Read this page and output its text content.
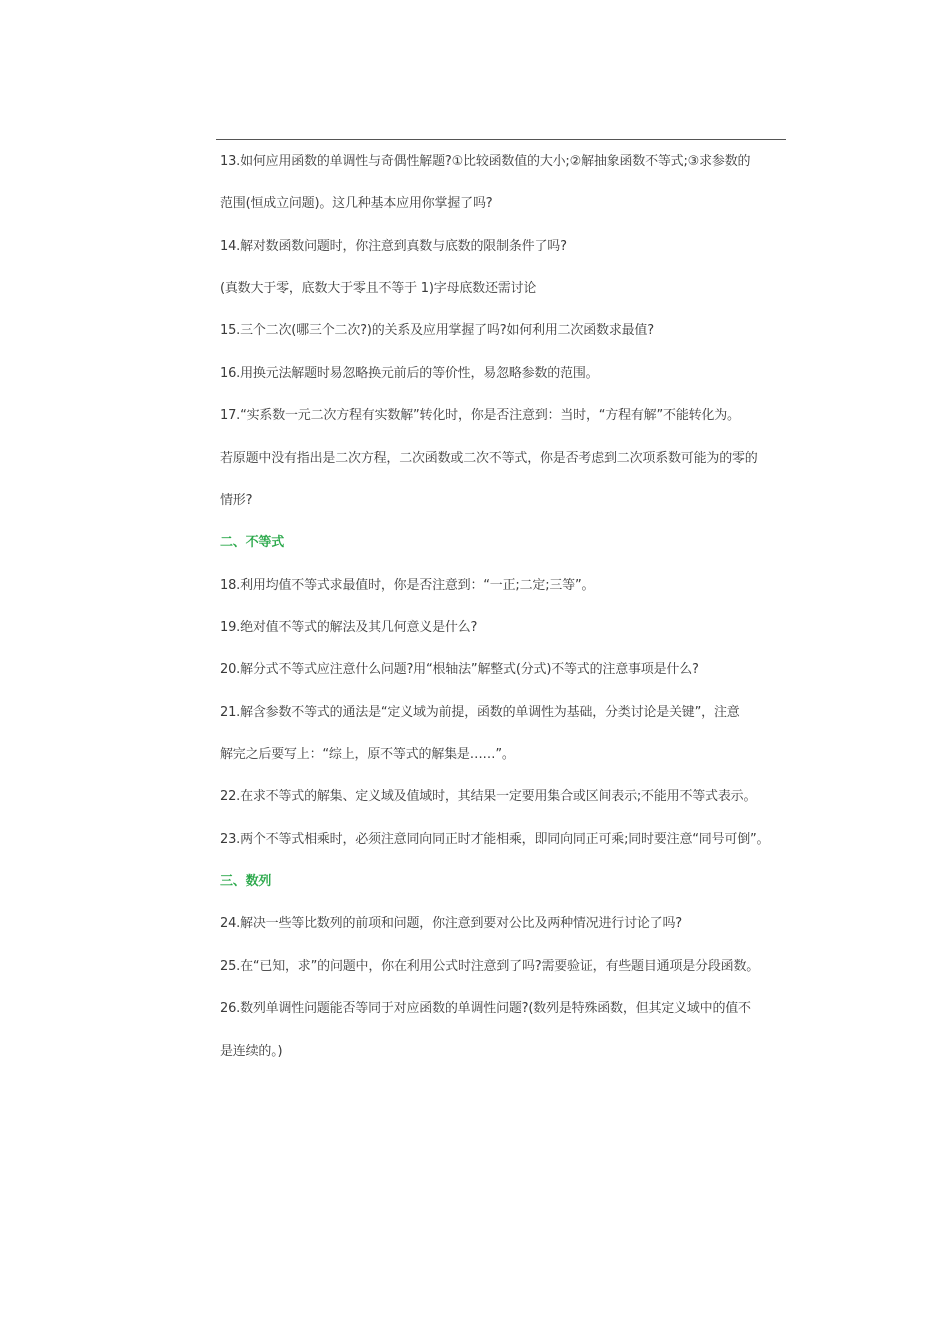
13.如何应用函数的单调性与奇偶性解题?①比较函数值的大小;②解抽象函数不等式;③求参数的
范围(恒成立问题)。这几种基本应用你掌握了吗?
14.解对数函数问题时，你注意到真数与底数的限制条件了吗?
(真数大于零，底数大于零且不等于 1)字母底数还需讨论
15.三个二次(哪三个二次?)的关系及应用掌握了吗?如何利用二次函数求最值?
16.用换元法解题时易忽略换元前后的等价性，易忽略参数的范围。
17.“实系数一元二次方程有实数解”转化时，你是否注意到：当时，“方程有解”不能转化为。
若原题中没有指出是二次方程，二次函数或二次不等式，你是否考虑到二次项系数可能为的零的
情形?
二、不等式
18.利用均值不等式求最值时，你是否注意到：“一正;二定;三等”。
19.绝对值不等式的解法及其几何意义是什么?
20.解分式不等式应注意什么问题?用“根轴法”解整式(分式)不等式的注意事项是什么?
21.解含参数不等式的通法是“定义域为前提，函数的单调性为基础，分类讨论是关键”，注意
解完之后要写上：“综上，原不等式的解集是……”。
22.在求不等式的解集、定义域及值域时，其结果一定要用集合或区间表示;不能用不等式表示。
23.两个不等式相乘时，必须注意同向同正时才能相乘，即同向同正可乘;同时要注意“同号可倒”。
三、数列
24.解决一些等比数列的前项和问题，你注意到要对公比及两种情况进行讨论了吗?
25.在“已知，求”的问题中，你在利用公式时注意到了吗?需要验证，有些题目通项是分段函数。
26.数列单调性问题能否等同于对应函数的单调性问题?(数列是特殊函数，但其定义域中的值不
是连续的。)
